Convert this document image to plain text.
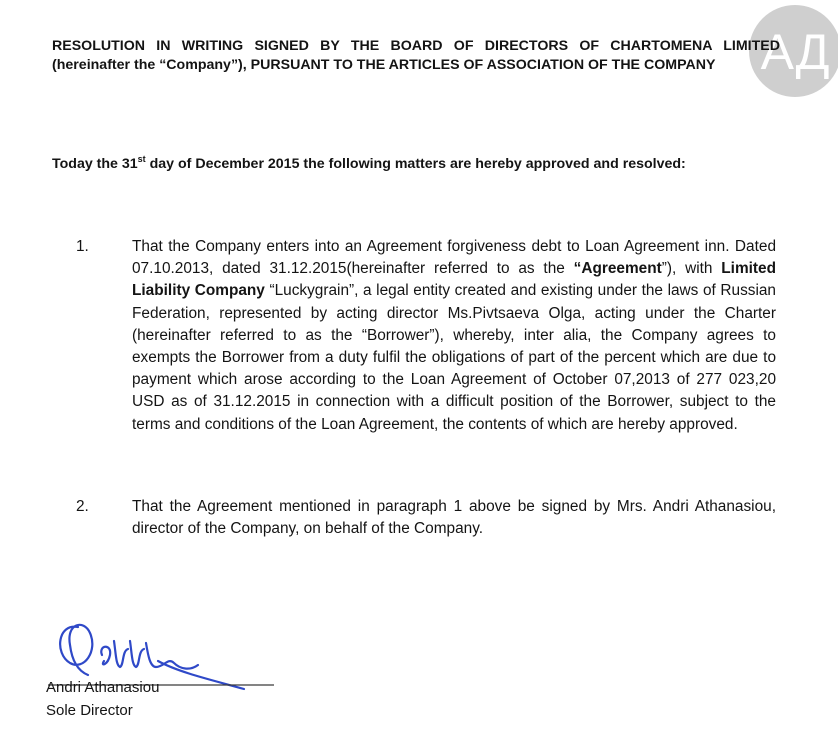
АД

RESOLUTION IN WRITING SIGNED BY THE BOARD OF DIRECTORS OF CHARTOMENA LIMITED (hereinafter the “Company”), PURSUANT TO THE ARTICLES OF ASSOCIATION OF THE COMPANY

Today the 31st day of December 2015 the following matters are hereby approved and resolved:

1.	That the Company enters into an Agreement forgiveness debt to Loan Agreement inn. Dated 07.10.2013, dated 31.12.2015(hereinafter referred to as the “Agreement”), with Limited Liability Company “Luckygrain”, a legal entity created and existing under the laws of Russian Federation, represented by acting director Ms.Pivtsaeva Olga, acting under the Charter (hereinafter referred to as the “Borrower”), whereby, inter alia, the Company agrees to exempts the Borrower from a duty fulfil the obligations of part of the percent which are due to payment which arose according to the Loan Agreement of October 07,2013 of 277 023,20 USD as of 31.12.2015 in connection with a difficult position of the Borrower, subject to the terms and conditions of the Loan Agreement, the contents of which are hereby approved.

2.	That the Agreement mentioned in paragraph 1 above be signed by Mrs. Andri Athanasiou, director of the Company, on behalf of the Company.

Andri Athanasiou
Sole Director
